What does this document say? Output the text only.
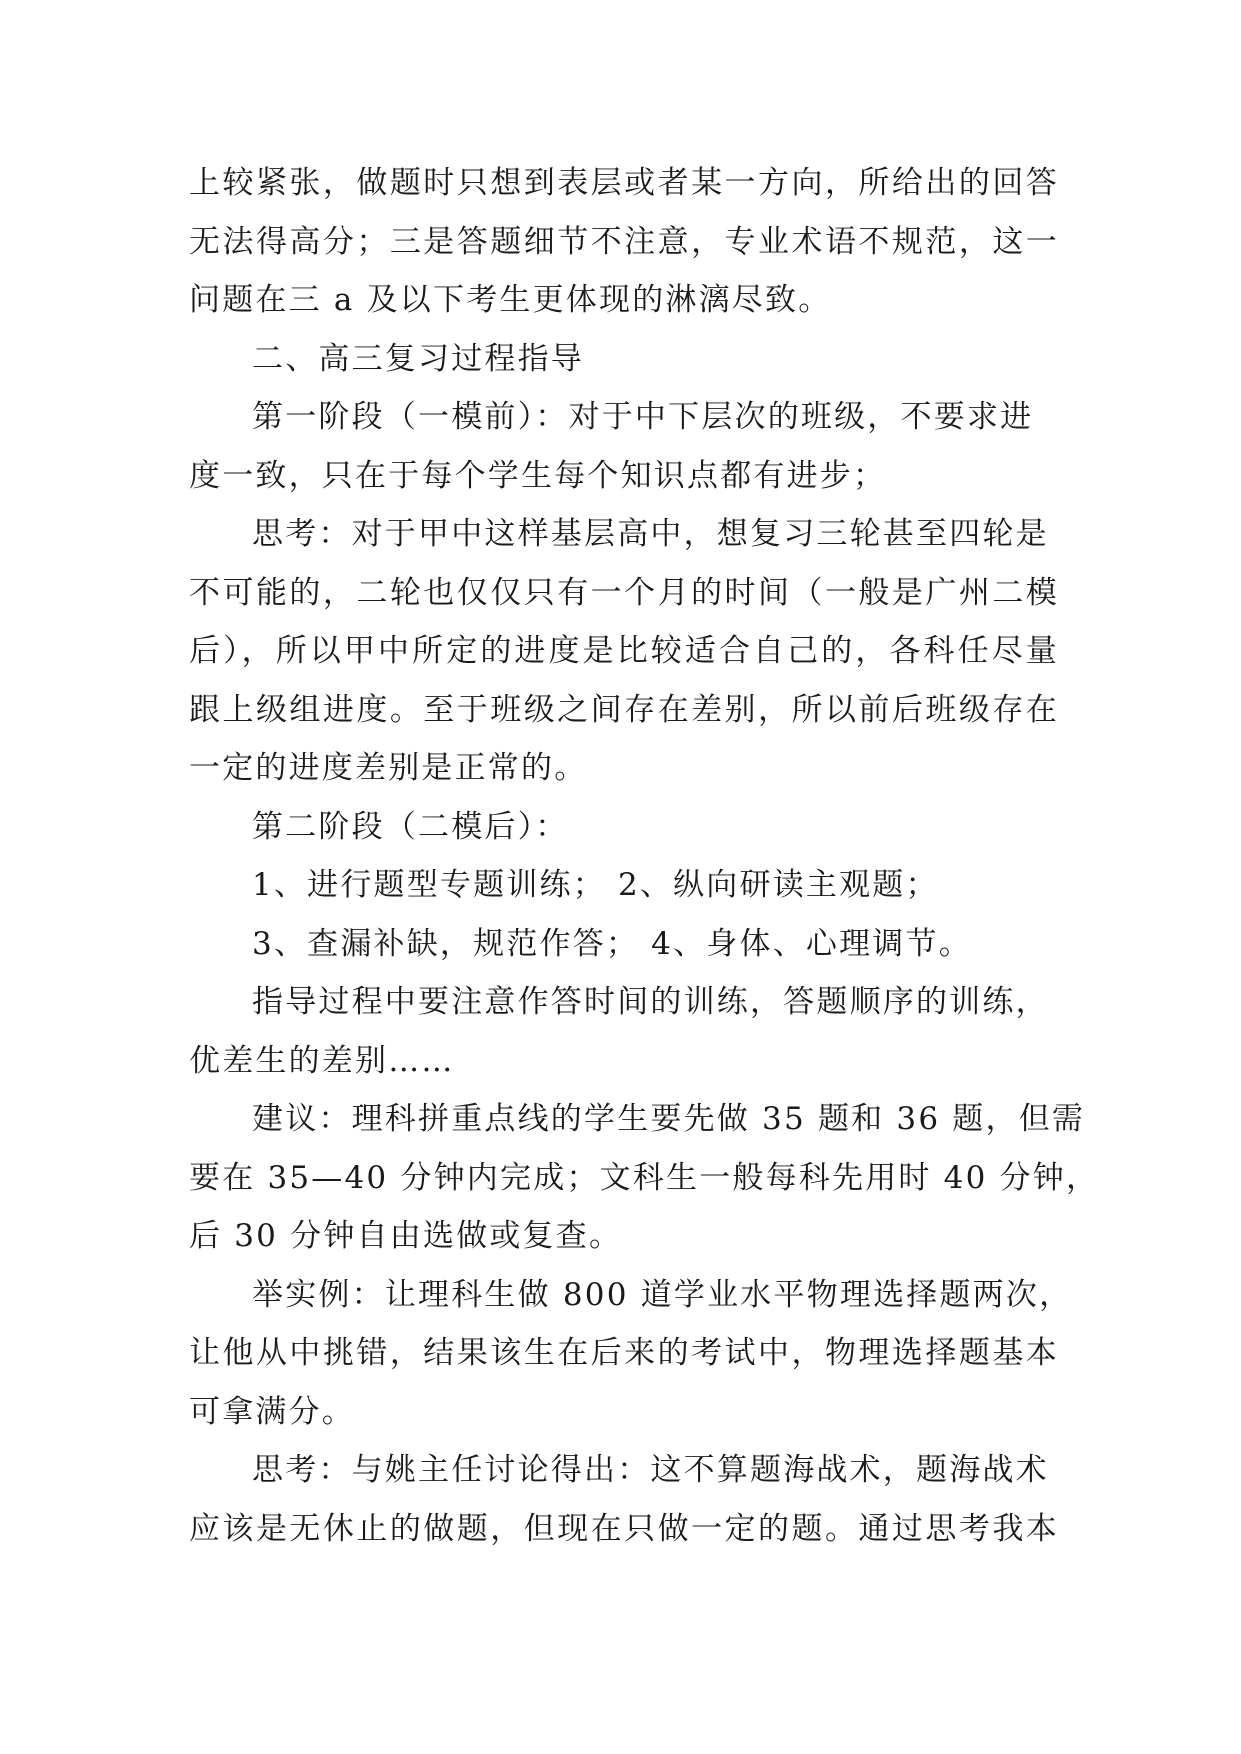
上较紧张，做题时只想到表层或者某一方向，所给出的回答
无法得高分；三是答题细节不注意，专业术语不规范，这一
问题在三 a 及以下考生更体现的淋漓尽致。
二、高三复习过程指导
第一阶段（一模前）：对于中下层次的班级，不要求进
度一致，只在于每个学生每个知识点都有进步；
思考：对于甲中这样基层高中，想复习三轮甚至四轮是
不可能的，二轮也仅仅只有一个月的时间（一般是广州二模
后），所以甲中所定的进度是比较适合自己的，各科任尽量
跟上级组进度。至于班级之间存在差别，所以前后班级存在
一定的进度差别是正常的。
第二阶段（二模后）：
1、进行题型专题训练； 2、纵向研读主观题；
3、查漏补缺，规范作答； 4、身体、心理调节。
指导过程中要注意作答时间的训练，答题顺序的训练，
优差生的差别……
建议：理科拼重点线的学生要先做 35 题和 36 题，但需
要在 35—40 分钟内完成；文科生一般每科先用时 40 分钟，
后 30 分钟自由选做或复查。
举实例：让理科生做 800 道学业水平物理选择题两次，
让他从中挑错，结果该生在后来的考试中，物理选择题基本
可拿满分。
思考：与姚主任讨论得出：这不算题海战术，题海战术
应该是无休止的做题，但现在只做一定的题。通过思考我本
